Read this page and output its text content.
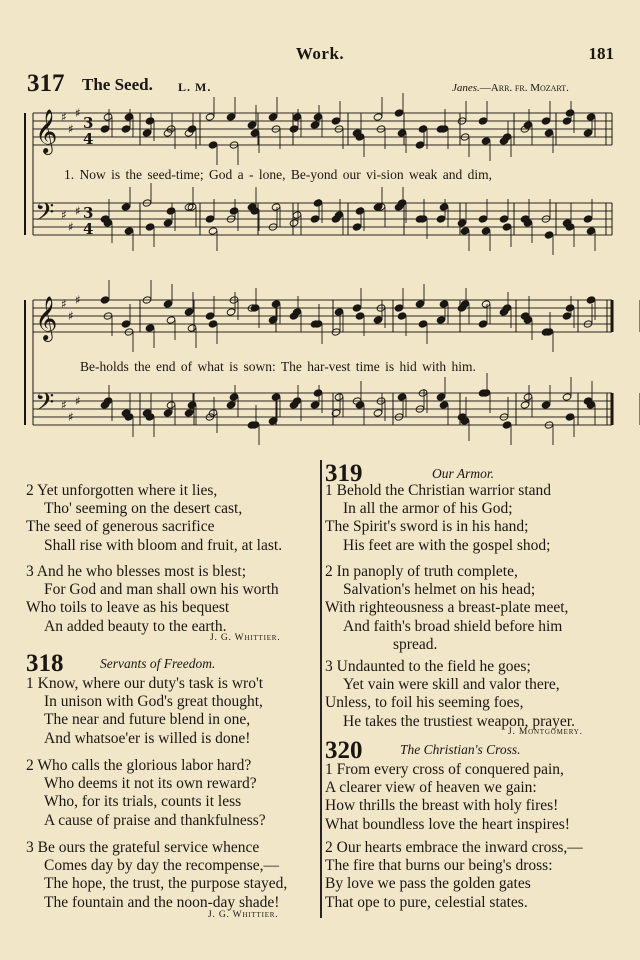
Work.	181
317 The Seed. L. M.	Janes.—Arr. fr. Mozart.
𝄞 ♯
♯
♯
3
4
𝄢 ♯
♯
♯ 3
4
𝄞 ♯
♯
♯
𝄢 ♯
♯
♯
1. Now is the seed-time; God a - lone, Be-yond our vi-sion weak and dim,
Be-holds the end of what is sown: The har-vest time is hid with him.
2 Yet unforgotten where it lies,
Tho' seeming on the desert cast,
The seed of generous sacrifice
Shall rise with bloom and fruit, at last.
3 And he who blesses most is blest;
For God and man shall own his worth
Who toils to leave as his bequest
An added beauty to the earth.
J. G. Whittier.
318	Servants of Freedom.
1 Know, where our duty's task is wro't
In unison with God's great thought,
The near and future blend in one,
And whatsoe'er is willed is done!
2 Who calls the glorious labor hard?
Who deems it not its own reward?
Who, for its trials, counts it less
A cause of praise and thankfulness?
3 Be ours the grateful service whence
Comes day by day the recompense,—
The hope, the trust, the purpose stayed,
The fountain and the noon-day shade!
J. G. Whittier.
319	Our Armor.
1 Behold the Christian warrior stand
In all the armor of his God;
The Spirit's sword is in his hand;
His feet are with the gospel shod;
2 In panoply of truth complete,
Salvation's helmet on his head;
With righteousness a breast-plate meet,
And faith's broad shield before him
spread.
3 Undaunted to the field he goes;
Yet vain were skill and valor there,
Unless, to foil his seeming foes,
He takes the trustiest weapon, prayer.
J. Montgomery.
320	The Christian's Cross.
1 From every cross of conquered pain,
A clearer view of heaven we gain:
How thrills the breast with holy fires!
What boundless love the heart inspires!
2 Our hearts embrace the inward cross,—
The fire that burns our being's dross:
By love we pass the golden gates
That ope to pure, celestial states.
